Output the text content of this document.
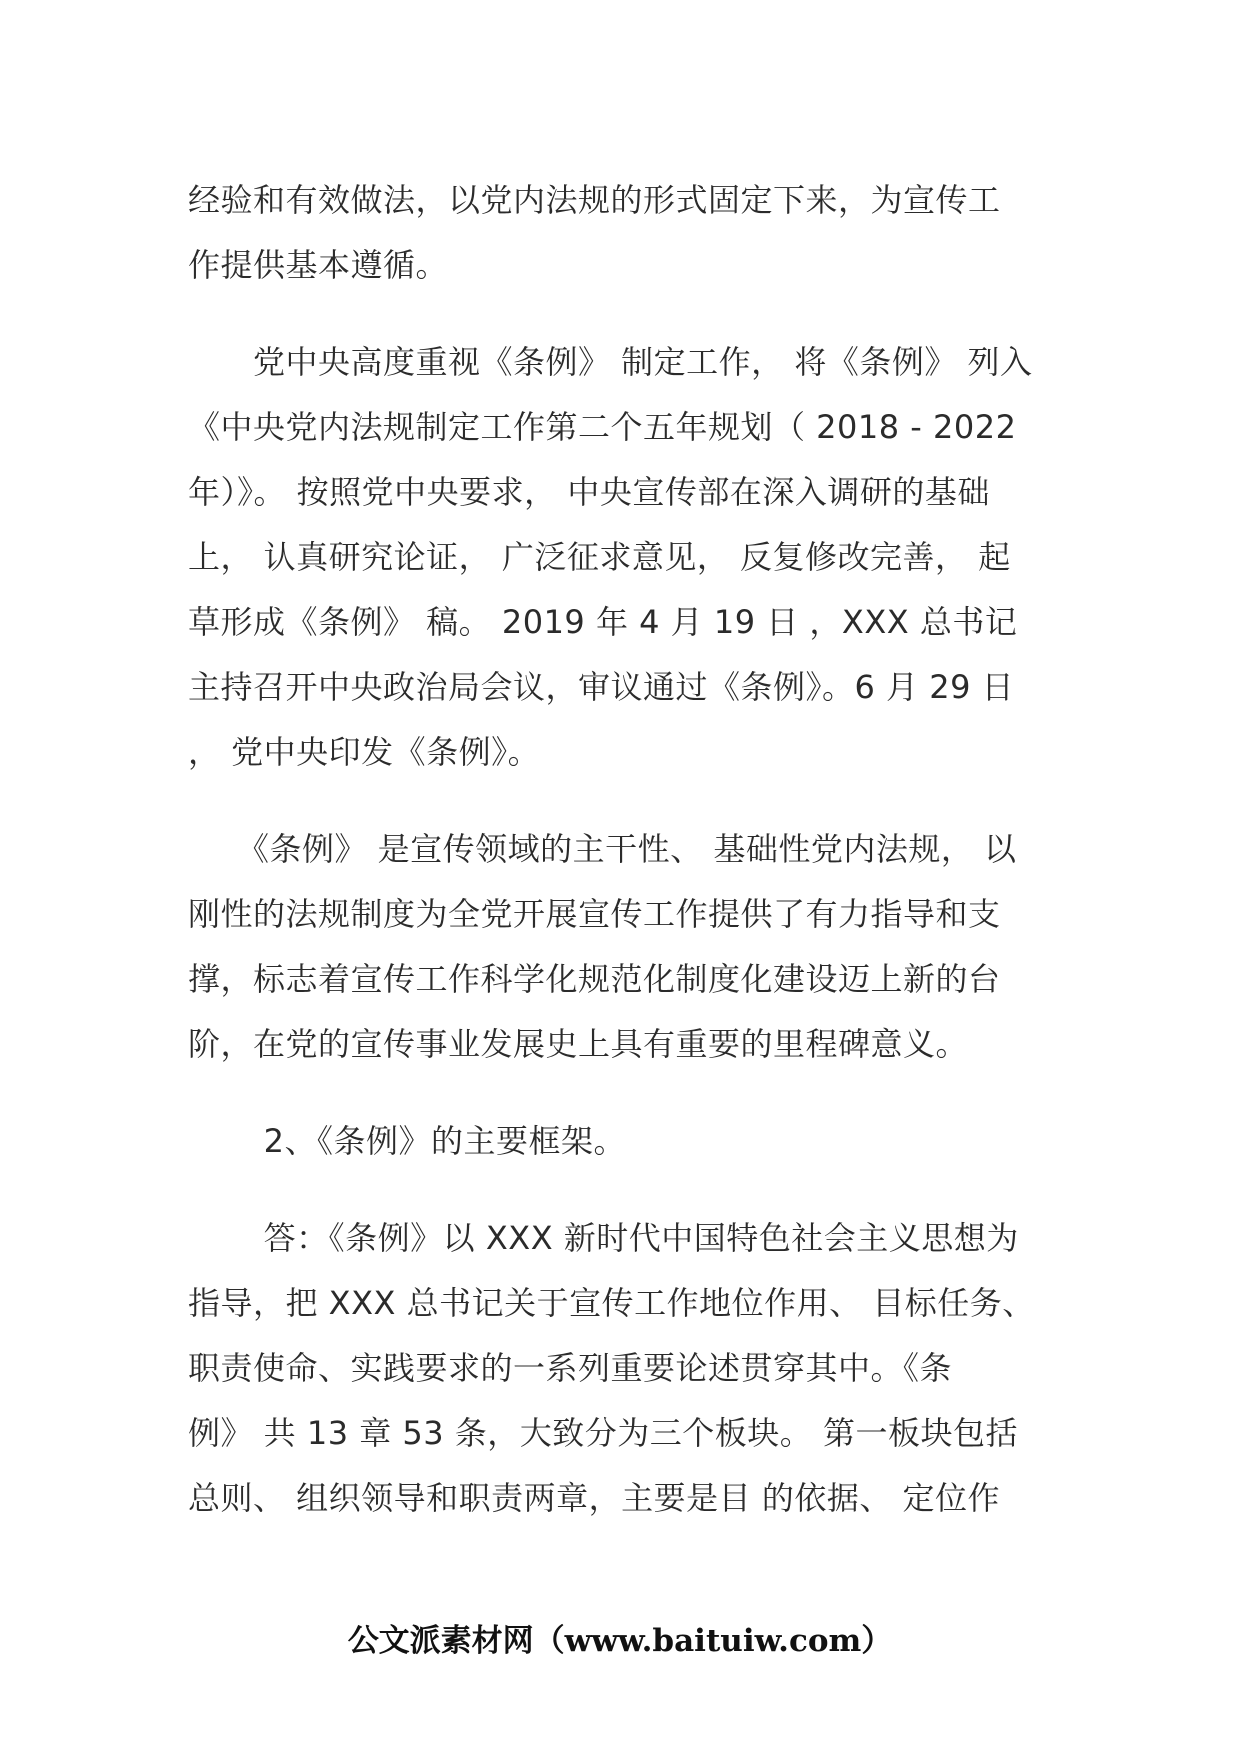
经验和有效做法，以党内法规的形式固定下来，为宣传工
作提供基本遵循。
　　党中央高度重视《条例》 制定工作， 将《条例》 列入
《中央党内法规制定工作第二个五年规划（ 2018 - 2022
年）》。 按照党中央要求， 中央宣传部在深入调研的基础
上， 认真研究论证， 广泛征求意见， 反复修改完善， 起
草形成《条例》 稿。 2019 年 4 月 19 日 ，XXX 总书记
主持召开中央政治局会议，审议通过《条例》。6 月 29 日
， 党中央印发《条例》。
　　《条例》 是宣传领域的主干性、 基础性党内法规， 以
刚性的法规制度为全党开展宣传工作提供了有力指导和支
撑，标志着宣传工作科学化规范化制度化建设迈上新的台
阶，在党的宣传事业发展史上具有重要的里程碑意义。
　　 2、《条例》的主要框架。
　　 答：《条例》以 XXX 新时代中国特色社会主义思想为
指导，把 XXX 总书记关于宣传工作地位作用、 目标任务、
职责使命、实践要求的一系列重要论述贯穿其中。《条
例》 共 13 章 53 条，大致分为三个板块。 第一板块包括
总则、 组织领导和职责两章，主要是目 的依据、 定位作
公文派素材网（www.baituiw.com）
